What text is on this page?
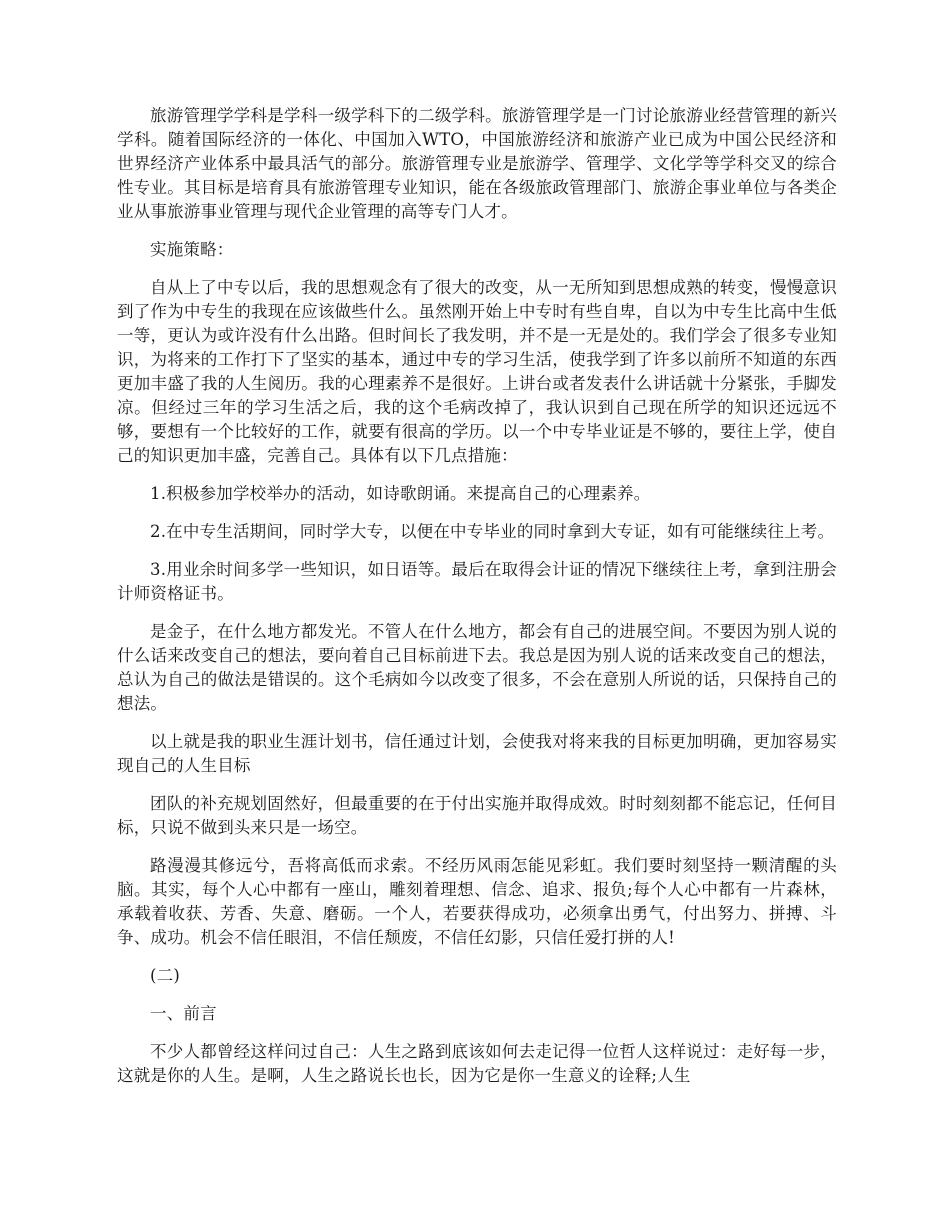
旅游管理学学科是学科一级学科下的二级学科。旅游管理学是一门讨论旅游业经营管理的新兴学科。随着国际经济的一体化、中国加入WTO，中国旅游经济和旅游产业已成为中国公民经济和世界经济产业体系中最具活气的部分。旅游管理专业是旅游学、管理学、文化学等学科交叉的综合性专业。其目标是培育具有旅游管理专业知识，能在各级旅政管理部门、旅游企事业单位与各类企业从事旅游事业管理与现代企业管理的高等专门人才。

实施策略：

自从上了中专以后，我的思想观念有了很大的改变，从一无所知到思想成熟的转变，慢慢意识到了作为中专生的我现在应该做些什么。虽然刚开始上中专时有些自卑，自以为中专生比高中生低一等，更认为或许没有什么出路。但时间长了我发明，并不是一无是处的。我们学会了很多专业知识，为将来的工作打下了坚实的基本，通过中专的学习生活，使我学到了许多以前所不知道的东西更加丰盛了我的人生阅历。我的心理素养不是很好。上讲台或者发表什么讲话就十分紧张，手脚发凉。但经过三年的学习生活之后，我的这个毛病改掉了，我认识到自己现在所学的知识还远远不够，要想有一个比较好的工作，就要有很高的学历。以一个中专毕业证是不够的，要往上学，使自己的知识更加丰盛，完善自己。具体有以下几点措施：

1.积极参加学校举办的活动，如诗歌朗诵。来提高自己的心理素养。

2.在中专生活期间，同时学大专，以便在中专毕业的同时拿到大专证，如有可能继续往上考。

3.用业余时间多学一些知识，如日语等。最后在取得会计证的情况下继续往上考，拿到注册会计师资格证书。

是金子，在什么地方都发光。不管人在什么地方，都会有自己的进展空间。不要因为别人说的什么话来改变自己的想法，要向着自己目标前进下去。我总是因为别人说的话来改变自己的想法，总认为自己的做法是错误的。这个毛病如今以改变了很多，不会在意别人所说的话，只保持自己的想法。

以上就是我的职业生涯计划书，信任通过计划，会使我对将来我的目标更加明确，更加容易实现自己的人生目标

团队的补充规划固然好，但最重要的在于付出实施并取得成效。时时刻刻都不能忘记，任何目标，只说不做到头来只是一场空。

路漫漫其修远兮，吾将高低而求索。不经历风雨怎能见彩虹。我们要时刻坚持一颗清醒的头脑。其实，每个人心中都有一座山，雕刻着理想、信念、追求、报负;每个人心中都有一片森林，承载着收获、芳香、失意、磨砺。一个人，若要获得成功，必须拿出勇气，付出努力、拼搏、斗争、成功。机会不信任眼泪，不信任颓废，不信任幻影，只信任爱打拼的人!

(二)

一、前言

不少人都曾经这样问过自己：人生之路到底该如何去走记得一位哲人这样说过：走好每一步，这就是你的人生。是啊，人生之路说长也长，因为它是你一生意义的诠释;人生
